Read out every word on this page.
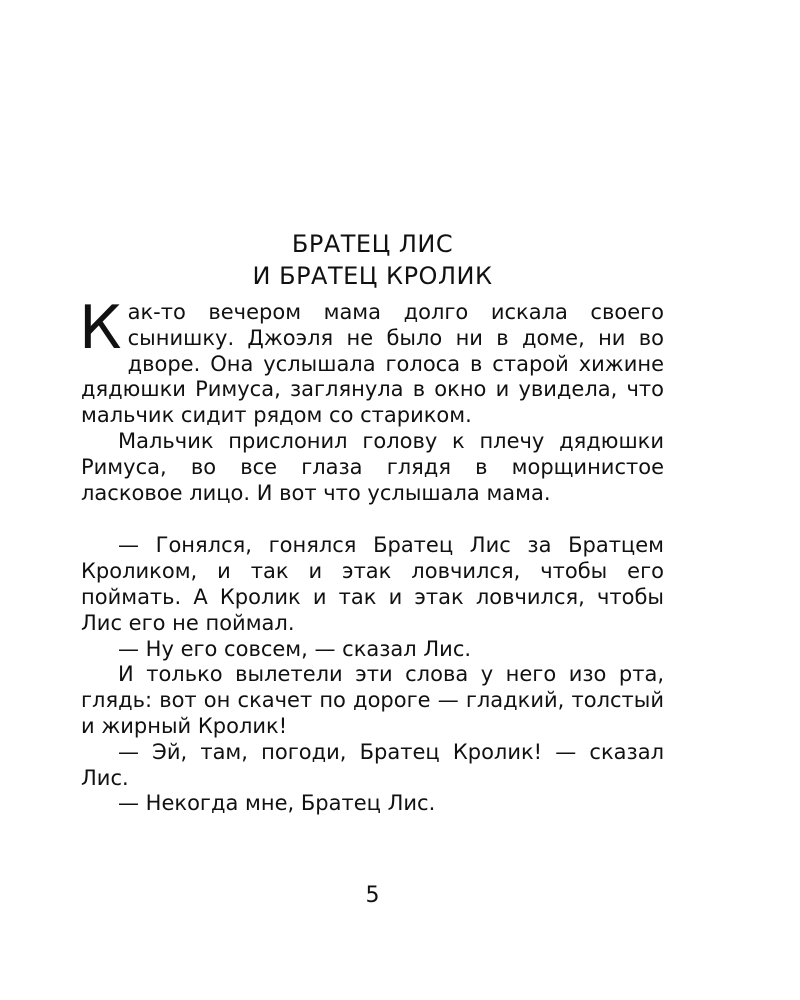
БРАТЕЦ ЛИС
И БРАТЕЦ КРОЛИК

Как-то вечером мама долго искала своего сынишку. Джоэля не было ни в доме, ни во дворе. Она услышала голоса в старой хижине дядюшки Римуса, заглянула в окно и увидела, что мальчик сидит рядом со стариком.

Мальчик прислонил голову к плечу дядюшки Римуса, во все глаза глядя в морщинистое ласковое лицо. И вот что услышала мама.

— Гонялся, гонялся Братец Лис за Братцем Кроликом, и так и этак ловчился, чтобы его поймать. А Кролик и так и этак ловчился, чтобы Лис его не поймал.

— Ну его совсем, — сказал Лис.

И только вылетели эти слова у него изо рта, глядь: вот он скачет по дороге — гладкий, толстый и жирный Кролик!

— Эй, там, погоди, Братец Кролик! — сказал Лис.

— Некогда мне, Братец Лис.

5
